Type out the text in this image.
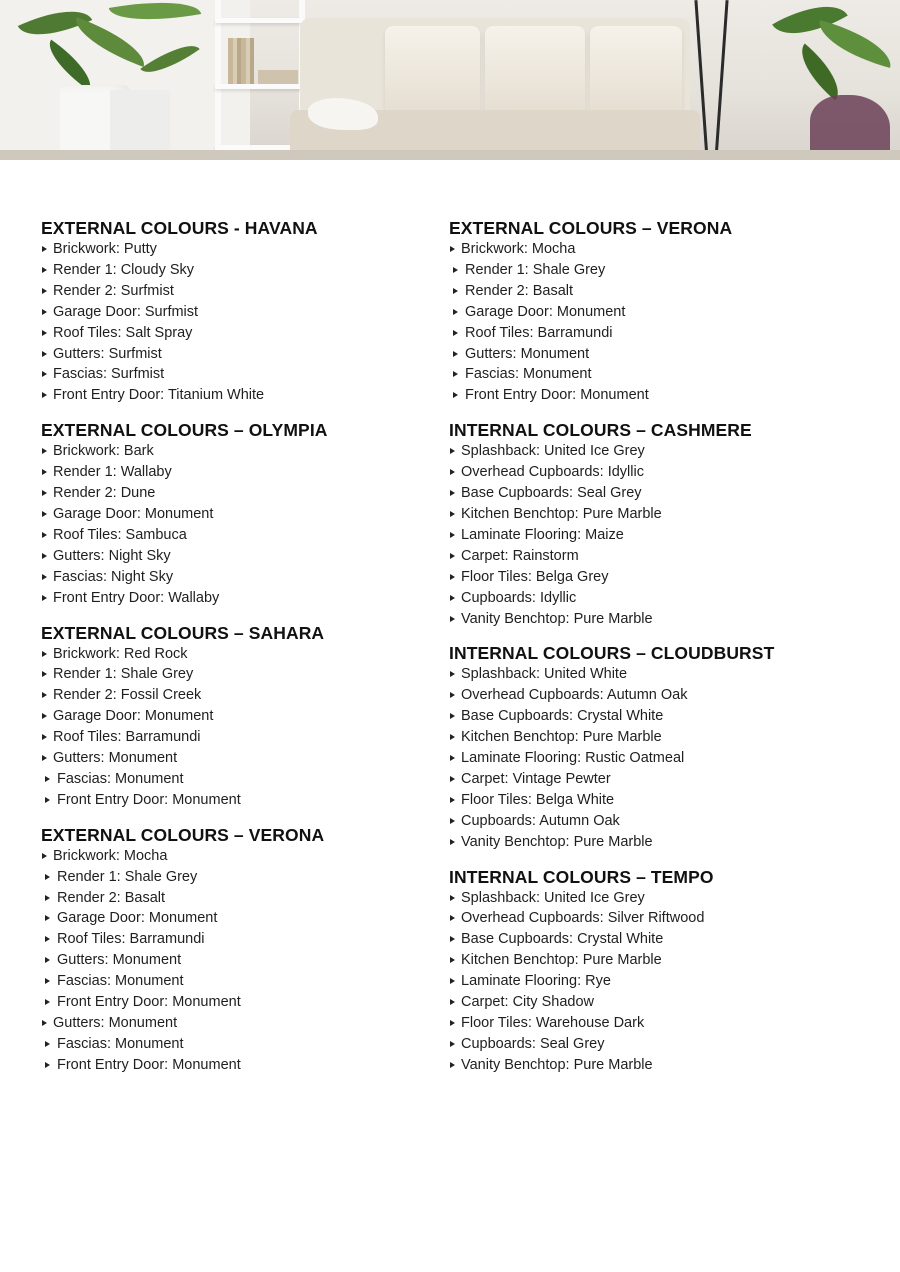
EXTERNAL COLOURS - HAVANA
Brickwork: Putty
Render 1: Cloudy Sky
Render 2: Surfmist
Garage Door: Surfmist
Roof Tiles: Salt Spray
Gutters: Surfmist
Fascias: Surfmist
Front Entry Door: Titanium White
EXTERNAL COLOURS – OLYMPIA
Brickwork: Bark
Render 1: Wallaby
Render 2: Dune
Garage Door: Monument
Roof Tiles: Sambuca
Gutters: Night Sky
Fascias: Night Sky
Front Entry Door: Wallaby
EXTERNAL COLOURS – SAHARA
Brickwork: Red Rock
Render 1: Shale Grey
Render 2: Fossil Creek
Garage Door: Monument
Roof Tiles: Barramundi
Gutters: Monument
Fascias: Monument
Front Entry Door: Monument
EXTERNAL COLOURS – VERONA
Brickwork: Mocha
Render 1: Shale Grey
Render 2: Basalt
Garage Door: Monument
Roof Tiles: Barramundi
Gutters: Monument
Fascias: Monument
Front Entry Door: Monument
Gutters: Monument
Fascias: Monument
Front Entry Door: Monument
EXTERNAL COLOURS – VERONA
Brickwork: Mocha
Render 1: Shale Grey
Render 2: Basalt
Garage Door: Monument
Roof Tiles: Barramundi
Gutters: Monument
Fascias: Monument
Front Entry Door: Monument
INTERNAL COLOURS – CASHMERE
Splashback: United Ice Grey
Overhead Cupboards: Idyllic
Base Cupboards: Seal Grey
Kitchen Benchtop: Pure Marble
Laminate Flooring: Maize
Carpet: Rainstorm
Floor Tiles: Belga Grey
Cupboards: Idyllic
Vanity Benchtop: Pure Marble
INTERNAL COLOURS – CLOUDBURST
Splashback: United White
Overhead Cupboards: Autumn Oak
Base Cupboards: Crystal White
Kitchen Benchtop: Pure Marble
Laminate Flooring: Rustic Oatmeal
Carpet: Vintage Pewter
Floor Tiles: Belga White
Cupboards: Autumn Oak
Vanity Benchtop: Pure Marble
INTERNAL COLOURS – TEMPO
Splashback: United Ice Grey
Overhead Cupboards: Silver Riftwood
Base Cupboards: Crystal White
Kitchen Benchtop: Pure Marble
Laminate Flooring: Rye
Carpet: City Shadow
Floor Tiles: Warehouse Dark
Cupboards: Seal Grey
Vanity Benchtop: Pure Marble
